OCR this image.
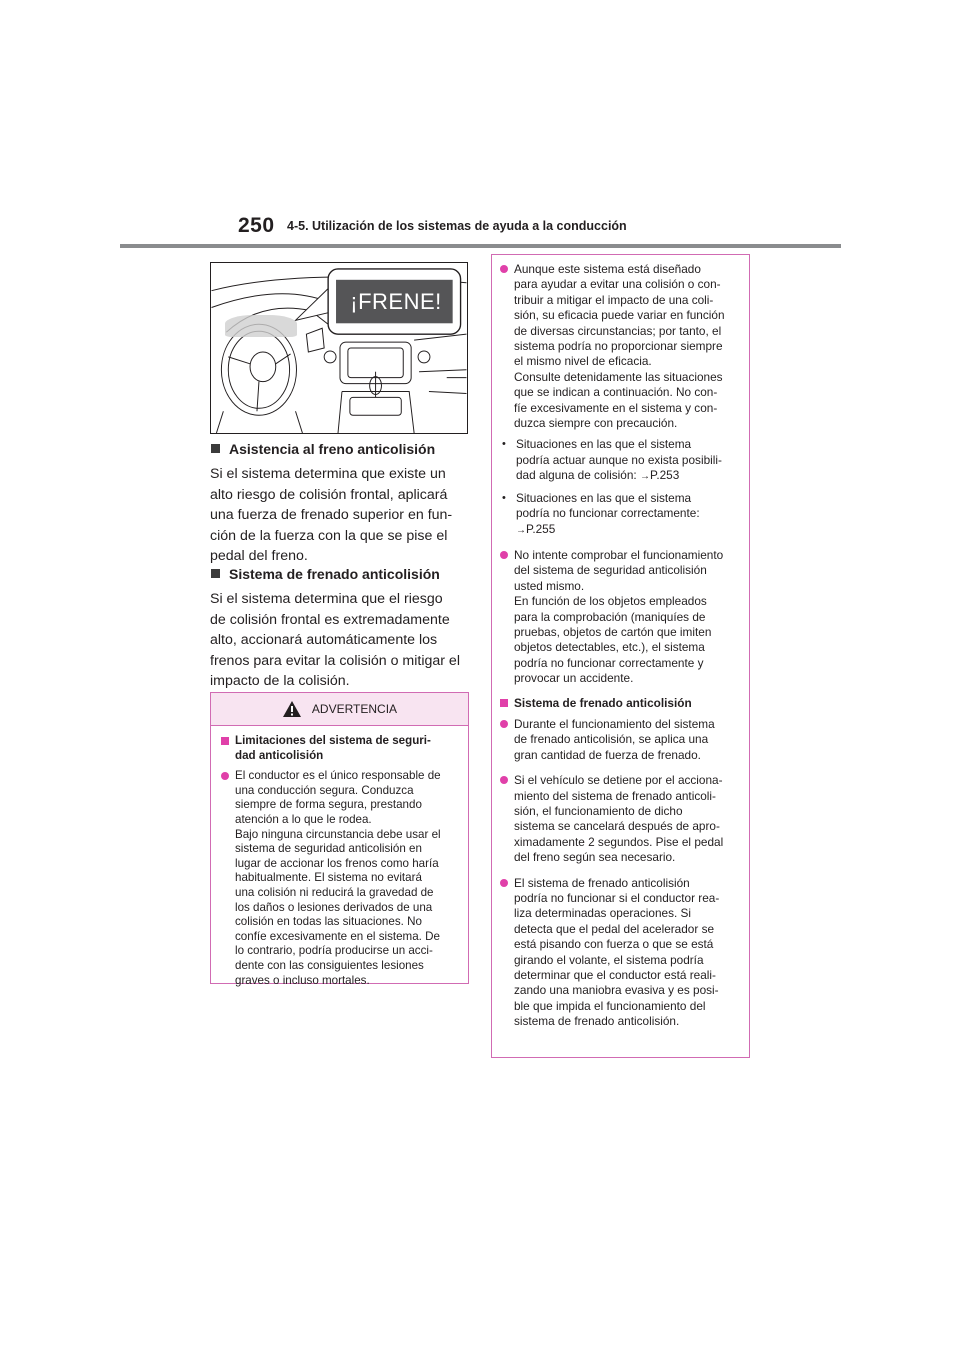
250 4-5. Utilización de los sistemas de ayuda a la conducción
¡FRENE!
Asistencia al freno anticolisión
Si el sistema determina que existe un
alto riesgo de colisión frontal, aplicará
una fuerza de frenado superior en fun-
ción de la fuerza con la que se pise el
pedal del freno.
Sistema de frenado anticolisión
Si el sistema determina que el riesgo
de colisión frontal es extremadamente
alto, accionará automáticamente los
frenos para evitar la colisión o mitigar el
impacto de la colisión.
ADVERTENCIA
Limitaciones del sistema de seguri-
dad anticolisión
El conductor es el único responsable de
una conducción segura. Conduzca
siempre de forma segura, prestando
atención a lo que le rodea.
Bajo ninguna circunstancia debe usar el
sistema de seguridad anticolisión en
lugar de accionar los frenos como haría
habitualmente. El sistema no evitará
una colisión ni reducirá la gravedad de
los daños o lesiones derivados de una
colisión en todas las situaciones. No
confíe excesivamente en el sistema. De
lo contrario, podría producirse un acci-
dente con las consiguientes lesiones
graves o incluso mortales.
Aunque este sistema está diseñado
para ayudar a evitar una colisión o con-
tribuir a mitigar el impacto de una coli-
sión, su eficacia puede variar en función
de diversas circunstancias; por tanto, el
sistema podría no proporcionar siempre
el mismo nivel de eficacia.
Consulte detenidamente las situaciones
que se indican a continuación. No con-
fíe excesivamente en el sistema y con-
duzca siempre con precaución.
• Situaciones en las que el sistema
podría actuar aunque no exista posibili-
dad alguna de colisión: →P.253
• Situaciones en las que el sistema
podría no funcionar correctamente:
→P.255
No intente comprobar el funcionamiento
del sistema de seguridad anticolisión
usted mismo.
En función de los objetos empleados
para la comprobación (maniquíes de
pruebas, objetos de cartón que imiten
objetos detectables, etc.), el sistema
podría no funcionar correctamente y
provocar un accidente.
Sistema de frenado anticolisión
Durante el funcionamiento del sistema
de frenado anticolisión, se aplica una
gran cantidad de fuerza de frenado.
Si el vehículo se detiene por el acciona-
miento del sistema de frenado anticoli-
sión, el funcionamiento de dicho
sistema se cancelará después de apro-
ximadamente 2 segundos. Pise el pedal
del freno según sea necesario.
El sistema de frenado anticolisión
podría no funcionar si el conductor rea-
liza determinadas operaciones. Si
detecta que el pedal del acelerador se
está pisando con fuerza o que se está
girando el volante, el sistema podría
determinar que el conductor está reali-
zando una maniobra evasiva y es posi-
ble que impida el funcionamiento del
sistema de frenado anticolisión.
